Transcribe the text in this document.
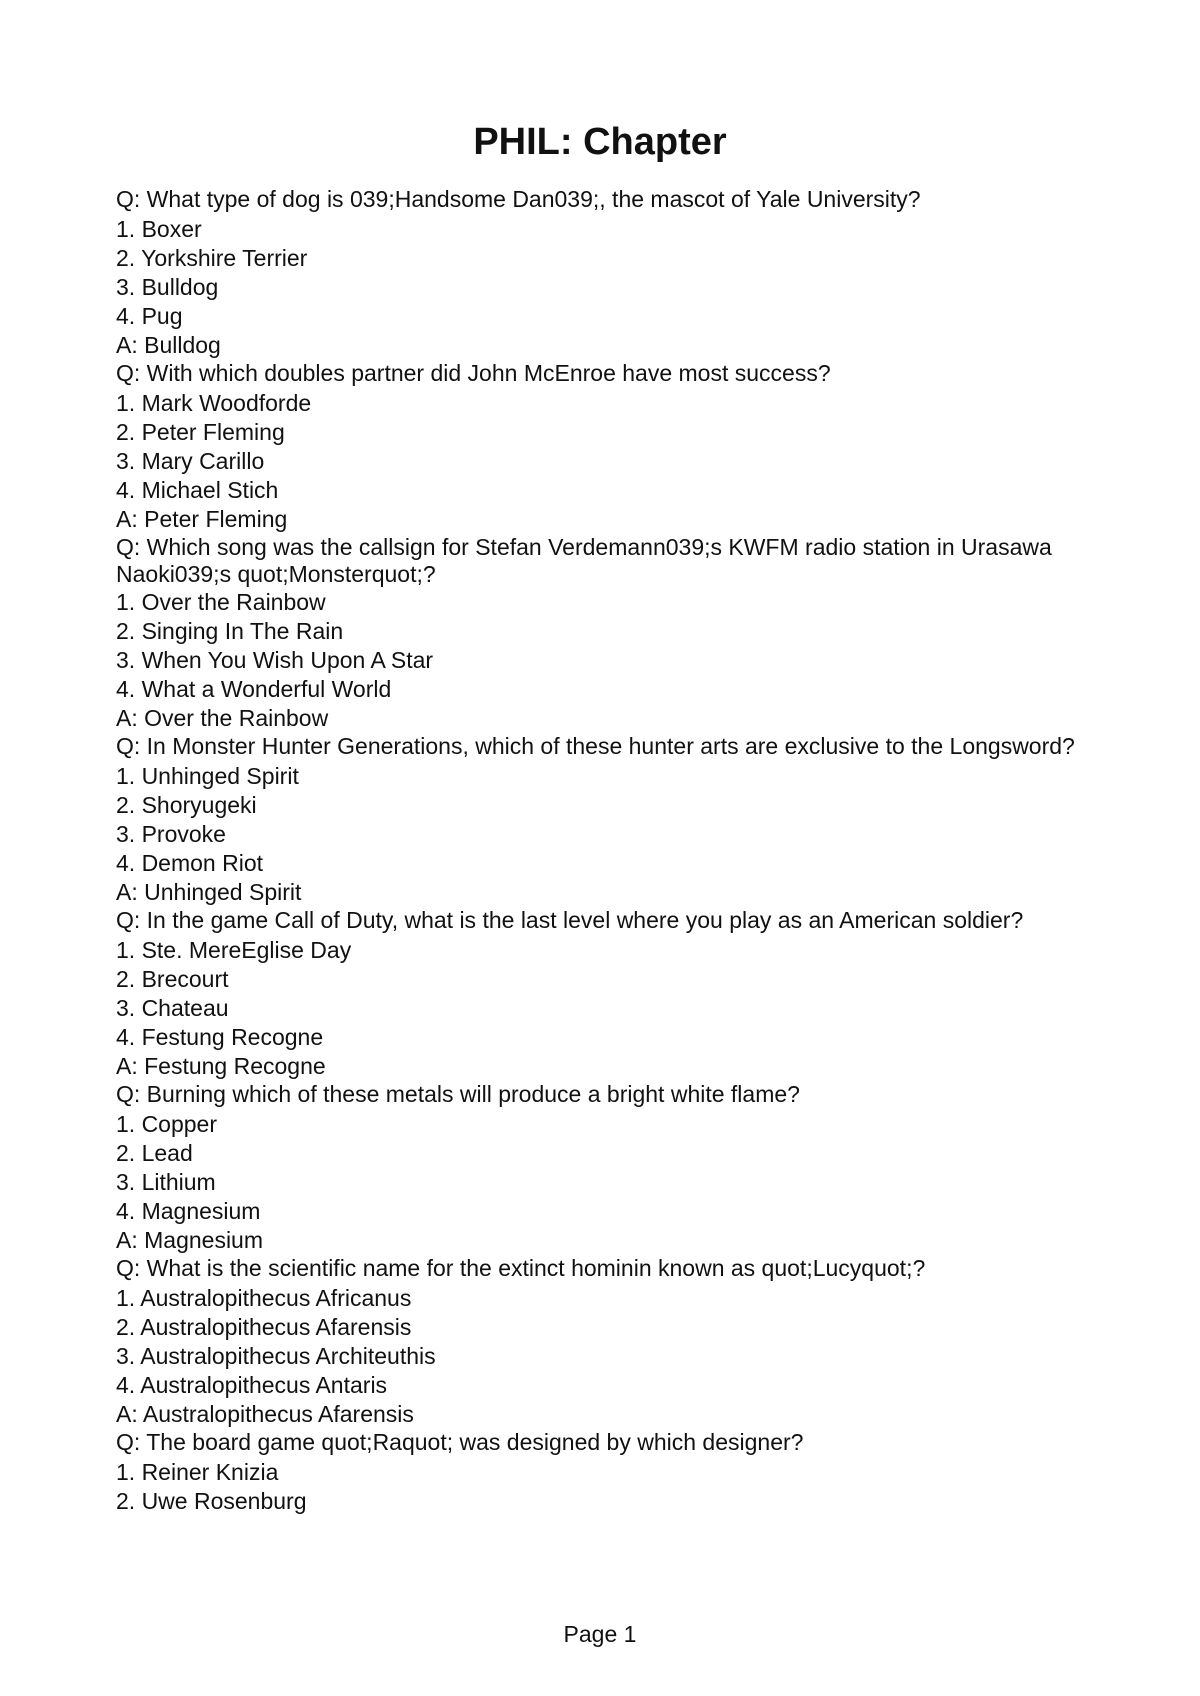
PHIL: Chapter
Q: What type of dog is 039;Handsome Dan039;, the mascot of Yale University?
1. Boxer
2. Yorkshire Terrier
3. Bulldog
4. Pug
A: Bulldog
Q: With which doubles partner did John McEnroe have most success?
1. Mark Woodforde
2. Peter Fleming
3. Mary Carillo
4. Michael Stich
A: Peter Fleming
Q: Which song was the callsign for Stefan Verdemann039;s KWFM radio station in Urasawa Naoki039;s quot;Monsterquot;?
1. Over the Rainbow
2. Singing In The Rain
3. When You Wish Upon A Star
4. What a Wonderful World
A: Over the Rainbow
Q: In Monster Hunter Generations, which of these hunter arts are exclusive to the Longsword?
1. Unhinged Spirit
2. Shoryugeki
3. Provoke
4. Demon Riot
A: Unhinged Spirit
Q: In the game Call of Duty, what is the last level where you play as an American soldier?
1. Ste. MereEglise Day
2. Brecourt
3. Chateau
4. Festung Recogne
A: Festung Recogne
Q: Burning which of these metals will produce a bright white flame?
1. Copper
2. Lead
3. Lithium
4. Magnesium
A: Magnesium
Q: What is the scientific name for the extinct hominin known as quot;Lucyquot;?
1. Australopithecus Africanus
2. Australopithecus Afarensis
3. Australopithecus Architeuthis
4. Australopithecus Antaris
A: Australopithecus Afarensis
Q: The board game quot;Raquot; was designed by which designer?
1. Reiner Knizia
2. Uwe Rosenburg
Page 1
